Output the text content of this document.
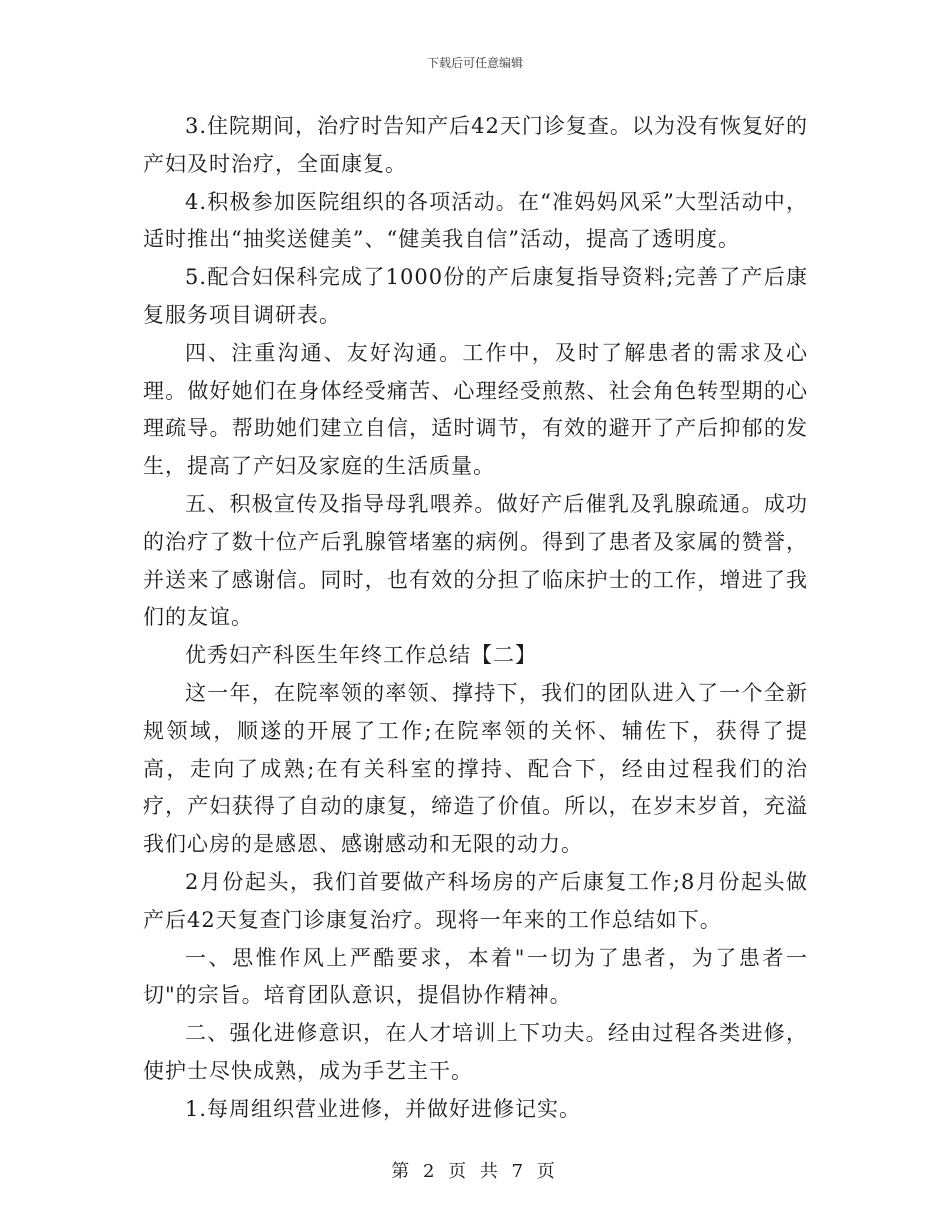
下载后可任意编辑

3.住院期间，治疗时告知产后42天门诊复查。以为没有恢复好的产妇及时治疗，全面康复。

4.积极参加医院组织的各项活动。在“准妈妈风采”大型活动中，适时推出“抽奖送健美”、“健美我自信”活动，提高了透明度。

5.配合妇保科完成了1000份的产后康复指导资料;完善了产后康复服务项目调研表。

四、注重沟通、友好沟通。工作中，及时了解患者的需求及心理。做好她们在身体经受痛苦、心理经受煎熬、社会角色转型期的心理疏导。帮助她们建立自信，适时调节，有效的避开了产后抑郁的发生，提高了产妇及家庭的生活质量。

五、积极宣传及指导母乳喂养。做好产后催乳及乳腺疏通。成功的治疗了数十位产后乳腺管堵塞的病例。得到了患者及家属的赞誉，并送来了感谢信。同时，也有效的分担了临床护士的工作，增进了我们的友谊。

优秀妇产科医生年终工作总结【二】

这一年，在院率领的率领、撑持下，我们的团队进入了一个全新规领域，顺遂的开展了工作;在院率领的关怀、辅佐下，获得了提高，走向了成熟;在有关科室的撑持、配合下，经由过程我们的治疗，产妇获得了自动的康复，缔造了价值。所以，在岁末岁首，充溢我们心房的是感恩、感谢感动和无限的动力。

2月份起头，我们首要做产科场房的产后康复工作;8月份起头做产后42天复查门诊康复治疗。现将一年来的工作总结如下。

一、思惟作风上严酷要求，本着"一切为了患者，为了患者一切"的宗旨。培育团队意识，提倡协作精神。

二、强化进修意识，在人才培训上下功夫。经由过程各类进修，使护士尽快成熟，成为手艺主干。

1.每周组织营业进修，并做好进修记实。

第 2 页 共 7 页
